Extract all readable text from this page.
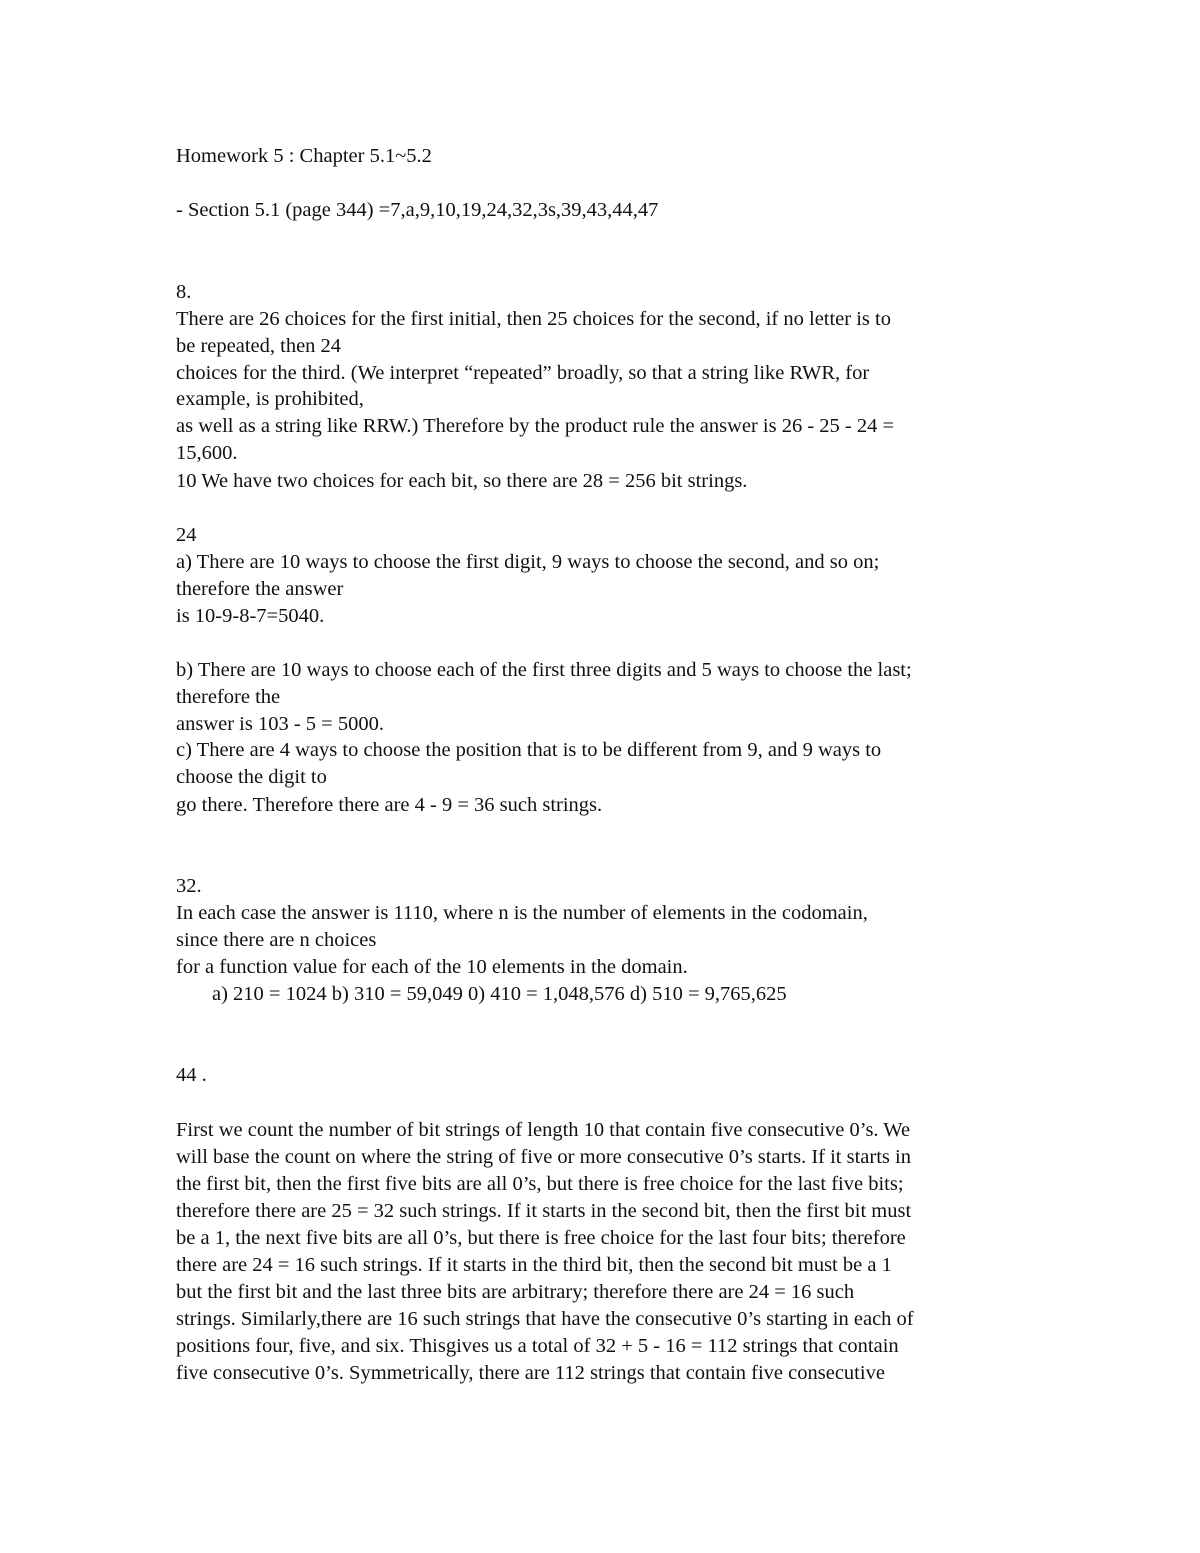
Homework 5 : Chapter 5.1~5.2

- Section 5.1 (page 344) =7,a,9,10,19,24,32,3s,39,43,44,47

8.

There are 26 choices for the first initial, then 25 choices for the second, if no letter is to

be repeated, then 24

choices for the third. (We interpret “repeated” broadly, so that a string like RWR, for

example, is prohibited,

as well as a string like RRW.) Therefore by the product rule the answer is 26 - 25 - 24 =

15,600.

10 We have two choices for each bit, so there are 28 = 256 bit strings.

24

a) There are 10 ways to choose the first digit, 9 ways to choose the second, and so on;

therefore the answer

is 10-9-8-7=5040.

b) There are 10 ways to choose each of the first three digits and 5 ways to choose the last;

therefore the

answer is 103 - 5 = 5000.

c) There are 4 ways to choose the position that is to be different from 9, and 9 ways to

choose the digit to

go there. Therefore there are 4 - 9 = 36 such strings.

32.

In each case the answer is 1110, where n is the number of elements in the codomain,

since there are n choices

for a function value for each of the 10 elements in the domain.

a) 210 = 1024 b) 310 = 59,049 0) 410 = 1,048,576 d) 510 = 9,765,625

44 .

First we count the number of bit strings of length 10 that contain five consecutive 0’s. We

will base the count on where the string of five or more consecutive 0’s starts. If it starts in

the first bit, then the first five bits are all 0’s, but there is free choice for the last five bits;

therefore there are 25 = 32 such strings. If it starts in the second bit, then the first bit must

be a 1, the next five bits are all 0’s, but there is free choice for the last four bits; therefore

there are 24 = 16 such strings. If it starts in the third bit, then the second bit must be a 1

but the first bit and the last three bits are arbitrary; therefore there are 24 = 16 such

strings. Similarly,there are 16 such strings that have the consecutive 0’s starting in each of

positions four, five, and six. Thisgives us a total of 32 + 5 - 16 = 112 strings that contain

five consecutive 0’s. Symmetrically, there are 112 strings that contain five consecutive
